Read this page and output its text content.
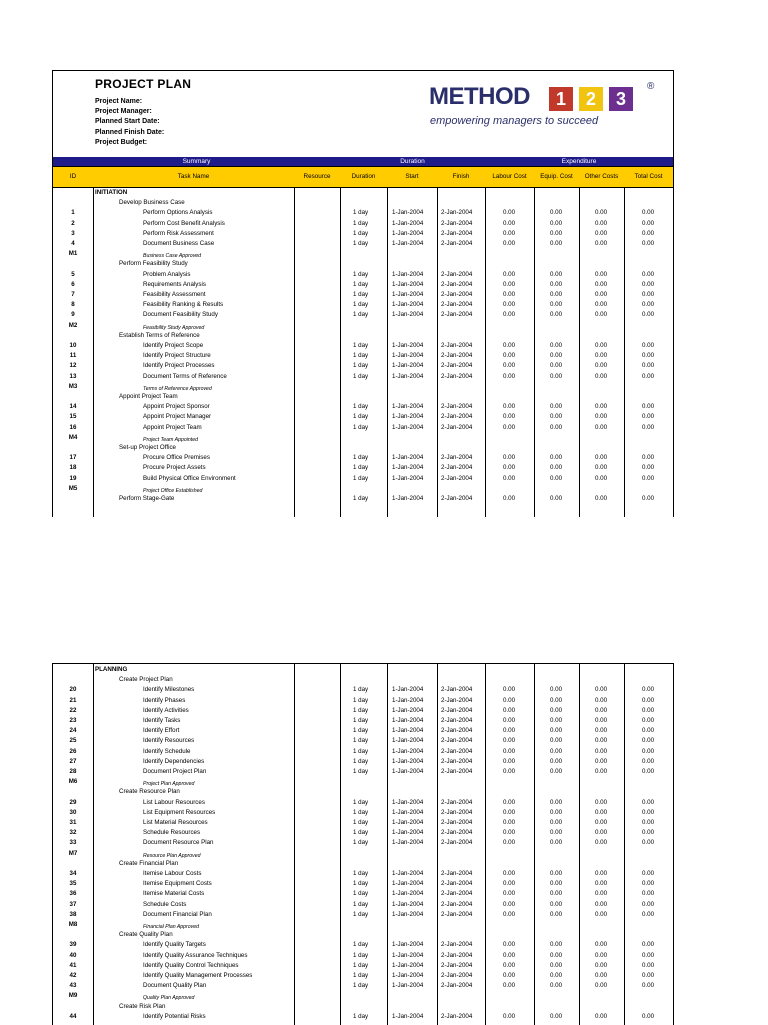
PROJECT PLAN
Project Name:
Project Manager:
Planned Start Date:
Planned Finish Date:
Project Budget:
METHOD	1	2	3
®
empowering managers to succeed
Summary	Duration	Expenditure
ID	Task Name	Resource	Duration	Start	Finish	Labour Cost	Equip. Cost	Other Costs	Total Cost
INITIATION
Develop Business Case
1	Perform Options Analysis	1 day	1-Jan-2004	2-Jan-2004	0.00	0.00	0.00	0.00
2	Perform Cost Benefit Analysis	1 day	1-Jan-2004	2-Jan-2004	0.00	0.00	0.00	0.00
3	Perform Risk Assessment	1 day	1-Jan-2004	2-Jan-2004	0.00	0.00	0.00	0.00
4	Document Business Case	1 day	1-Jan-2004	2-Jan-2004	0.00	0.00	0.00	0.00
M1	Business Case Approved
Perform Feasibility Study
5	Problem Analysis	1 day	1-Jan-2004	2-Jan-2004	0.00	0.00	0.00	0.00
6	Requirements Analysis	1 day	1-Jan-2004	2-Jan-2004	0.00	0.00	0.00	0.00
7	Feasibility Assessment	1 day	1-Jan-2004	2-Jan-2004	0.00	0.00	0.00	0.00
8	Feasibility Ranking & Results	1 day	1-Jan-2004	2-Jan-2004	0.00	0.00	0.00	0.00
9	Document Feasibility Study	1 day	1-Jan-2004	2-Jan-2004	0.00	0.00	0.00	0.00
M2	Feasibility Study Approved
Establish Terms of Reference
10	Identify Project Scope	1 day	1-Jan-2004	2-Jan-2004	0.00	0.00	0.00	0.00
11	Identify Project Structure	1 day	1-Jan-2004	2-Jan-2004	0.00	0.00	0.00	0.00
12	Identify Project Processes	1 day	1-Jan-2004	2-Jan-2004	0.00	0.00	0.00	0.00
13	Document Terms of Reference	1 day	1-Jan-2004	2-Jan-2004	0.00	0.00	0.00	0.00
M3	Terms of Reference Approved
Appoint Project Team
14	Appoint Project Sponsor	1 day	1-Jan-2004	2-Jan-2004	0.00	0.00	0.00	0.00
15	Appoint Project Manager	1 day	1-Jan-2004	2-Jan-2004	0.00	0.00	0.00	0.00
16	Appoint Project Team	1 day	1-Jan-2004	2-Jan-2004	0.00	0.00	0.00	0.00
M4	Project Team Appointed
Set-up Project Office
17	Procure Office Premises	1 day	1-Jan-2004	2-Jan-2004	0.00	0.00	0.00	0.00
18	Procure Project Assets	1 day	1-Jan-2004	2-Jan-2004	0.00	0.00	0.00	0.00
19	Build Physical Office Environment	1 day	1-Jan-2004	2-Jan-2004	0.00	0.00	0.00	0.00
M5	Project Office Established
Perform Stage-Gate	1 day	1-Jan-2004	2-Jan-2004	0.00	0.00	0.00	0.00
PLANNING
Create Project Plan
20	Identify Milestones	1 day	1-Jan-2004	2-Jan-2004	0.00	0.00	0.00	0.00
21	Identify Phases	1 day	1-Jan-2004	2-Jan-2004	0.00	0.00	0.00	0.00
22	Identify Activities	1 day	1-Jan-2004	2-Jan-2004	0.00	0.00	0.00	0.00
23	Identify Tasks	1 day	1-Jan-2004	2-Jan-2004	0.00	0.00	0.00	0.00
24	Identify Effort	1 day	1-Jan-2004	2-Jan-2004	0.00	0.00	0.00	0.00
25	Identify Resources	1 day	1-Jan-2004	2-Jan-2004	0.00	0.00	0.00	0.00
26	Identify Schedule	1 day	1-Jan-2004	2-Jan-2004	0.00	0.00	0.00	0.00
27	Identify Dependencies	1 day	1-Jan-2004	2-Jan-2004	0.00	0.00	0.00	0.00
28	Document Project Plan	1 day	1-Jan-2004	2-Jan-2004	0.00	0.00	0.00	0.00
M6	Project Plan Approved
Create Resource Plan
29	List Labour Resources	1 day	1-Jan-2004	2-Jan-2004	0.00	0.00	0.00	0.00
30	List Equipment Resources	1 day	1-Jan-2004	2-Jan-2004	0.00	0.00	0.00	0.00
31	List Material Resources	1 day	1-Jan-2004	2-Jan-2004	0.00	0.00	0.00	0.00
32	Schedule Resources	1 day	1-Jan-2004	2-Jan-2004	0.00	0.00	0.00	0.00
33	Document Resource Plan	1 day	1-Jan-2004	2-Jan-2004	0.00	0.00	0.00	0.00
M7	Resource Plan Approved
Create Financial Plan
34	Itemise Labour Costs	1 day	1-Jan-2004	2-Jan-2004	0.00	0.00	0.00	0.00
35	Itemise Equipment Costs	1 day	1-Jan-2004	2-Jan-2004	0.00	0.00	0.00	0.00
36	Itemise Material Costs	1 day	1-Jan-2004	2-Jan-2004	0.00	0.00	0.00	0.00
37	Schedule Costs	1 day	1-Jan-2004	2-Jan-2004	0.00	0.00	0.00	0.00
38	Document Financial Plan	1 day	1-Jan-2004	2-Jan-2004	0.00	0.00	0.00	0.00
M8	Financial Plan Approved
Create Quality Plan
39	Identify Quality Targets	1 day	1-Jan-2004	2-Jan-2004	0.00	0.00	0.00	0.00
40	Identify Quality Assurance Techniques	1 day	1-Jan-2004	2-Jan-2004	0.00	0.00	0.00	0.00
41	Identify Quality Control Techniques	1 day	1-Jan-2004	2-Jan-2004	0.00	0.00	0.00	0.00
42	Identify Quality Management Processes	1 day	1-Jan-2004	2-Jan-2004	0.00	0.00	0.00	0.00
43	Document Quality Plan	1 day	1-Jan-2004	2-Jan-2004	0.00	0.00	0.00	0.00
M9	Quality Plan Approved
Create Risk Plan
44	Identify Potential Risks	1 day	1-Jan-2004	2-Jan-2004	0.00	0.00	0.00	0.00
